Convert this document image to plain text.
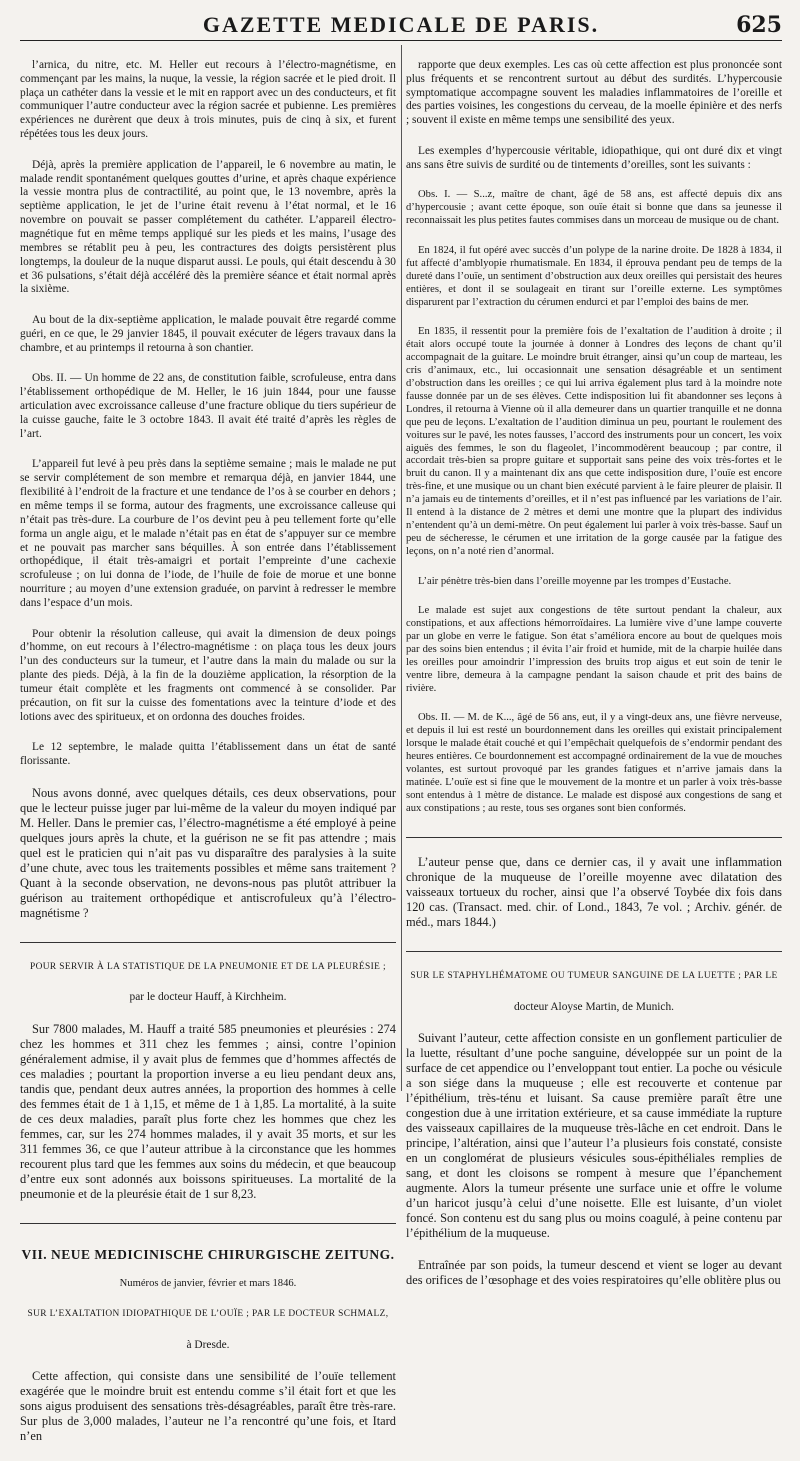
GAZETTE MEDICALE DE PARIS.	625

l’arnica, du nitre, etc. M. Heller eut recours à l’électro-magnétisme, en commençant par les mains, la nuque, la vessie, la région sacrée et le pied droit. Il plaça un cathéter dans la vessie et le mit en rapport avec un des conducteurs, et fit communiquer l’autre conducteur avec la région sacrée et pubienne. Les premières expériences ne durèrent que deux à trois minutes, puis de cinq à six, et furent répétées tous les deux jours.

Déjà, après la première application de l’appareil, le 6 novembre au matin, le malade rendit spontanément quelques gouttes d’urine, et après chaque expérience la vessie montra plus de contractilité, au point que, le 13 novembre, après la septième application, le jet de l’urine était revenu à l’état normal, et le 16 novembre on pouvait se passer complétement du cathéter. L’appareil électro-magnétique fut en même temps appliqué sur les pieds et les mains, l’usage des membres se rétablit peu à peu, les contractures des doigts persistèrent plus longtemps, la douleur de la nuque disparut aussi. Le pouls, qui était descendu à 30 et 36 pulsations, s’était déjà accéléré dès la première séance et était normal après la sixième.

Au bout de la dix-septième application, le malade pouvait être regardé comme guéri, en ce que, le 29 janvier 1845, il pouvait exécuter de légers travaux dans la chambre, et au printemps il retourna à son chantier.

Obs. II. — Un homme de 22 ans, de constitution faible, scrofuleuse, entra dans l’établissement orthopédique de M. Heller, le 16 juin 1844, pour une fausse articulation avec excroissance calleuse d’une fracture oblique du tiers supérieur de la cuisse gauche, faite le 3 octobre 1843. Il avait été traité d’après les règles de l’art.

L’appareil fut levé à peu près dans la septième semaine ; mais le malade ne put se servir complétement de son membre et remarqua déjà, en janvier 1844, une flexibilité à l’endroit de la fracture et une tendance de l’os à se courber en dehors ; en même temps il se forma, autour des fragments, une excroissance calleuse qui n’était pas très-dure. La courbure de l’os devint peu à peu tellement forte qu’elle forma un angle aigu, et le malade n’était pas en état de s’appuyer sur ce membre et ne pouvait pas marcher sans béquilles. À son entrée dans l’établissement orthopédique, il était très-amaigri et portait l’empreinte d’une cachexie scrofuleuse ; on lui donna de l’iode, de l’huile de foie de morue et une bonne nourriture ; au moyen d’une extension graduée, on parvint à redresser le membre dans l’espace d’un mois.

Pour obtenir la résolution calleuse, qui avait la dimension de deux poings d’homme, on eut recours à l’électro-magnétisme : on plaça tous les deux jours l’un des conducteurs sur la tumeur, et l’autre dans la main du malade ou sur la plante des pieds. Déjà, à la fin de la douzième application, la résorption de la tumeur était complète et les fragments ont commencé à se consolider. Par précaution, on fit sur la cuisse des fomentations avec la teinture d’iode et des lotions avec des spiritueux, et on ordonna des douches froides.

Le 12 septembre, le malade quitta l’établissement dans un état de santé florissante.

Nous avons donné, avec quelques détails, ces deux observations, pour que le lecteur puisse juger par lui-même de la valeur du moyen indiqué par M. Heller. Dans le premier cas, l’électro-magnétisme a été employé à peine quelques jours après la chute, et la guérison ne se fit pas attendre ; mais quel est le praticien qui n’ait pas vu disparaître des paralysies à la suite d’une chute, avec tous les traitements possibles et même sans traitement ? Quant à la seconde observation, ne devons-nous pas plutôt attribuer la guérison au traitement orthopédique et antiscrofuleux qu’à l’électro-magnétisme ?

POUR SERVIR À LA STATISTIQUE DE LA PNEUMONIE ET DE LA PLEURÉSIE ;

par le docteur Hauff, à Kirchheim.

Sur 7800 malades, M. Hauff a traité 585 pneumonies et pleurésies : 274 chez les hommes et 311 chez les femmes ; ainsi, contre l’opinion généralement admise, il y avait plus de femmes que d’hommes affectés de ces maladies ; pourtant la proportion inverse a eu lieu pendant deux ans, tandis que, pendant deux autres années, la proportion des hommes à celle des femmes était de 1 à 1,15, et même de 1 à 1,85. La mortalité, à la suite de ces deux maladies, paraît plus forte chez les hommes que chez les femmes, car, sur les 274 hommes malades, il y avait 35 morts, et sur les 311 femmes 36, ce que l’auteur attribue à la circonstance que les hommes recourent plus tard que les femmes aux soins du médecin, et que beaucoup d’entre eux sont adonnés aux boissons spiritueuses. La mortalité de la pneumonie et de la pleurésie était de 1 sur 8,23.

VII. NEUE MEDICINISCHE CHIRURGISCHE ZEITUNG.

Numéros de janvier, février et mars 1846.

SUR L’EXALTATION IDIOPATHIQUE DE L’OUÏE ; PAR LE DOCTEUR SCHMALZ,

à Dresde.

Cette affection, qui consiste dans une sensibilité de l’ouïe tellement exagérée que le moindre bruit est entendu comme s’il était fort et que les sons aigus produisent des sensations très-désagréables, paraît être très-rare. Sur plus de 3,000 malades, l’auteur ne l’a rencontré qu’une fois, et Itard n’en

rapporte que deux exemples. Les cas où cette affection est plus prononcée sont plus fréquents et se rencontrent surtout au début des surdités. L’hypercousie symptomatique accompagne souvent les maladies inflammatoires de l’oreille et des parties voisines, les congestions du cerveau, de la moelle épinière et des nerfs ; souvent il existe en même temps une sensibilité des yeux.

Les exemples d’hypercousie véritable, idiopathique, qui ont duré dix et vingt ans sans être suivis de surdité ou de tintements d’oreilles, sont les suivants :

Obs. I. — S...z, maître de chant, âgé de 58 ans, est affecté depuis dix ans d’hypercousie ; avant cette époque, son ouïe était si bonne que dans sa jeunesse il reconnaissait les plus petites fautes commises dans un morceau de musique ou de chant.

En 1824, il fut opéré avec succès d’un polype de la narine droite. De 1828 à 1834, il fut affecté d’amblyopie rhumatismale. En 1834, il éprouva pendant peu de temps de la dureté dans l’ouïe, un sentiment d’obstruction aux deux oreilles qui persistait des heures entières, et dont il se soulageait en tirant sur l’oreille externe. Les symptômes disparurent par l’extraction du cérumen endurci et par l’emploi des bains de mer.

En 1835, il ressentit pour la première fois de l’exaltation de l’audition à droite ; il était alors occupé toute la journée à donner à Londres des leçons de chant qu’il accompagnait de la guitare. Le moindre bruit étranger, ainsi qu’un coup de marteau, les cris d’animaux, etc., lui occasionnait une sensation désagréable et un sentiment d’obstruction dans les oreilles ; ce qui lui arriva également plus tard à la moindre note fausse donnée par un de ses élèves. Cette indisposition lui fit abandonner ses leçons à Londres, il retourna à Vienne où il alla demeurer dans un quartier tranquille et ne donna que peu de leçons. L’exaltation de l’audition diminua un peu, pourtant le roulement des voitures sur le pavé, les notes fausses, l’accord des instruments pour un concert, les voix aiguës des femmes, le son du flageolet, l’incommodèrent beaucoup ; par contre, il accordait très-bien sa propre guitare et supportait sans peine des voix très-fortes et le bruit du canon. Il y a maintenant dix ans que cette indisposition dure, l’ouïe est encore très-fine, et une musique ou un chant bien exécuté parvient à le faire pleurer de plaisir. Il n’a jamais eu de tintements d’oreilles, et il n’est pas influencé par les variations de l’air. Il entend à la distance de 2 mètres et demi une montre que la plupart des individus n’entendent qu’à un demi-mètre. On peut également lui parler à voix très-basse. Sauf un peu de sécheresse, le cérumen et une irritation de la gorge causée par la fatigue des leçons, on n’a noté rien d’anormal.

L’air pénètre très-bien dans l’oreille moyenne par les trompes d’Eustache.

Le malade est sujet aux congestions de tête surtout pendant la chaleur, aux constipations, et aux affections hémorroïdaires. La lumière vive d’une lampe couverte par un globe en verre le fatigue. Son état s’améliora encore au bout de quelques mois par des soins bien entendus ; il évita l’air froid et humide, mit de la charpie huilée dans les oreilles pour amoindrir l’impression des bruits trop aigus et eut soin de tenir le ventre libre, demeura à la campagne pendant la saison chaude et prit des bains de rivière.

Obs. II. — M. de K..., âgé de 56 ans, eut, il y a vingt-deux ans, une fièvre nerveuse, et depuis il lui est resté un bourdonnement dans les oreilles qui existait principalement lorsque le malade était couché et qui l’empêchait quelquefois de s’endormir pendant des heures entières. Ce bourdonnement est accompagné ordinairement de la vue de mouches volantes, est surtout provoqué par les grandes fatigues et n’arrive jamais dans la matinée. L’ouïe est si fine que le mouvement de la montre et un parler à voix très-basse sont entendus à 1 mètre de distance. Le malade est disposé aux congestions de sang et aux constipations ; au reste, tous ses organes sont bien conformés.

L’auteur pense que, dans ce dernier cas, il y avait une inflammation chronique de la muqueuse de l’oreille moyenne avec dilatation des vaisseaux tortueux du rocher, ainsi que l’a observé Toybée dix fois dans 120 cas. (Transact. med. chir. of Lond., 1843, 7e vol. ; Archiv. génér. de méd., mars 1844.)

SUR LE STAPHYLHÉMATOME OU TUMEUR SANGUINE DE LA LUETTE ; PAR LE

docteur Aloyse Martin, de Munich.

Suivant l’auteur, cette affection consiste en un gonflement particulier de la luette, résultant d’une poche sanguine, développée sur un point de la surface de cet appendice ou l’enveloppant tout entier. La poche ou vésicule a son siége dans la muqueuse ; elle est recouverte et contenue par l’épithélium, très-ténu et luisant. Sa cause première paraît être une congestion due à une irritation extérieure, et sa cause immédiate la rupture des vaisseaux capillaires de la muqueuse très-lâche en cet endroit. Dans le principe, l’altération, ainsi que l’auteur l’a plusieurs fois constaté, consiste en un conglomérat de plusieurs vésicules sous-épithéliales remplies de sang, et dont les cloisons se rompent à mesure que l’épanchement augmente. Alors la tumeur présente une surface unie et offre le volume d’un haricot jusqu’à celui d’une noisette. Elle est luisante, d’un violet foncé. Son contenu est du sang plus ou moins coagulé, à peine contenu par l’épithélium de la muqueuse.

Entraînée par son poids, la tumeur descend et vient se loger au devant des orifices de l’œsophage et des voies respiratoires qu’elle oblitère plus ou
